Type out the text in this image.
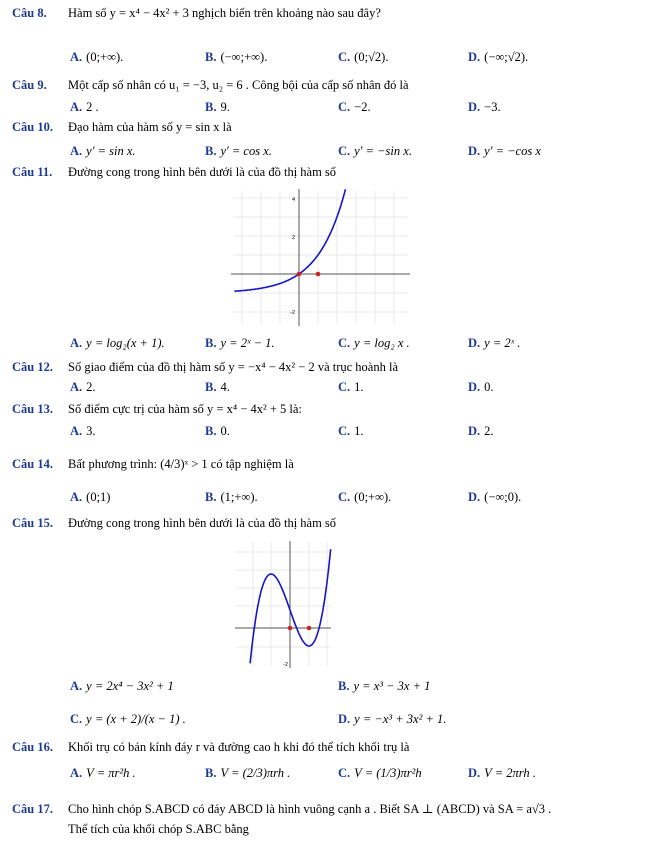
Câu 8. Hàm số y = x⁴ − 4x² + 3 nghịch biến trên khoảng nào sau đây?
A. (0;+∞).	B. (−∞;+∞).	C. (0;√2).	D. (−∞;√2).
Câu 9. Một cấp số nhân có u₁ = −3, u₂ = 6 . Công bội của cấp số nhân đó là
A. 2 .	B. 9.	C. −2.	D. −3.
Câu 10. Đạo hàm của hàm số y = sin x là
A. y′ = sin x.	B. y′ = cos x.	C. y′ = −sin x.	D. y′ = −cos x
Câu 11. Đường cong trong hình bên dưới là của đồ thị hàm số
4
2
-2
A. y = log₂(x + 1).	B. y = 2ˣ − 1.	C. y = log₂ x .	D. y = 2ˣ .
Câu 12. Số giao điểm của đồ thị hàm số y = −x⁴ − 4x² − 2 và trục hoành là
A. 2.	B. 4.	C. 1.	D. 0.
Câu 13. Số điểm cực trị của hàm số y = x⁴ − 4x² + 5 là:
A. 3.	B. 0.	C. 1.	D. 2.
Câu 14. Bất phương trình: (4/3)ˣ > 1 có tập nghiệm là
A. (0;1)	B. (1;+∞).	C. (0;+∞).	D. (−∞;0).
Câu 15. Đường cong trong hình bên dưới là của đồ thị hàm số
-2
A. y = 2x⁴ − 3x² + 1	B. y = x³ − 3x + 1
C. y = (x + 2)/(x − 1) .	D. y = −x³ + 3x² + 1.
Câu 16. Khối trụ có bán kính đáy r và đường cao h khi đó thể tích khối trụ là
A. V = πr²h .	B. V = (2/3)πrh .	C. V = (1/3)πr²h	D. V = 2πrh .
Câu 17. Cho hình chóp S.ABCD có đáy ABCD là hình vuông cạnh a . Biết SA ⊥ (ABCD) và SA = a√3 .
Thể tích của khối chóp S.ABC bằng
